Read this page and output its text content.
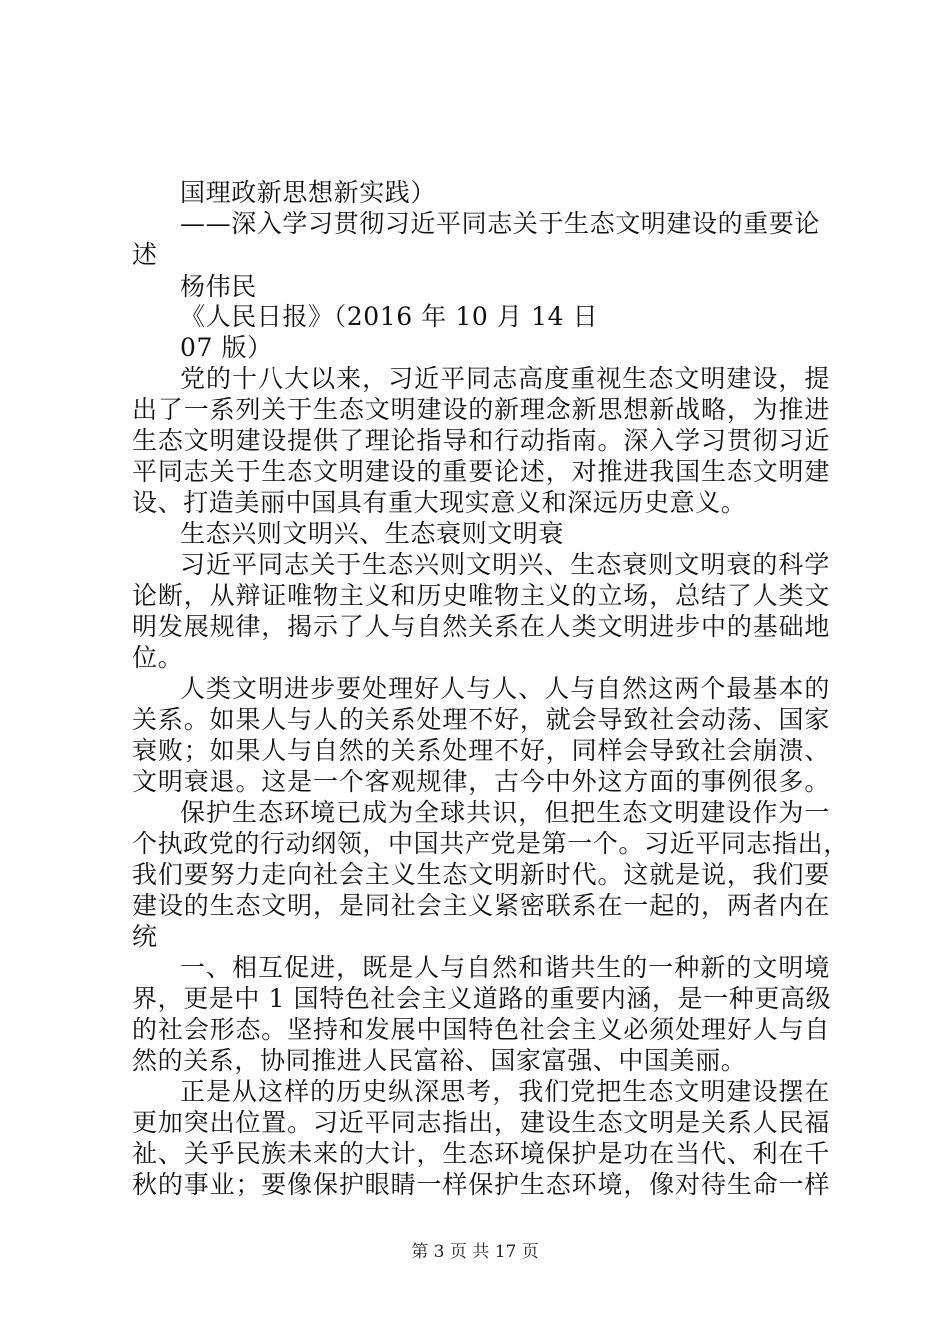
国理政新思想新实践）
——深入学习贯彻习近平同志关于生态文明建设的重要论
述
杨伟民
《人民日报》（2016 年 10 月 14 日
07 版）
党的十八大以来，习近平同志高度重视生态文明建设，提
出了一系列关于生态文明建设的新理念新思想新战略，为推进
生态文明建设提供了理论指导和行动指南。深入学习贯彻习近
平同志关于生态文明建设的重要论述，对推进我国生态文明建
设、打造美丽中国具有重大现实意义和深远历史意义。
生态兴则文明兴、生态衰则文明衰
习近平同志关于生态兴则文明兴、生态衰则文明衰的科学
论断，从辩证唯物主义和历史唯物主义的立场，总结了人类文
明发展规律，揭示了人与自然关系在人类文明进步中的基础地
位。
人类文明进步要处理好人与人、人与自然这两个最基本的
关系。如果人与人的关系处理不好，就会导致社会动荡、国家
衰败；如果人与自然的关系处理不好，同样会导致社会崩溃、
文明衰退。这是一个客观规律，古今中外这方面的事例很多。
保护生态环境已成为全球共识，但把生态文明建设作为一
个执政党的行动纲领，中国共产党是第一个。习近平同志指出，
我们要努力走向社会主义生态文明新时代。这就是说，我们要
建设的生态文明，是同社会主义紧密联系在一起的，两者内在
统
一、相互促进，既是人与自然和谐共生的一种新的文明境
界，更是中 1 国特色社会主义道路的重要内涵，是一种更高级
的社会形态。坚持和发展中国特色社会主义必须处理好人与自
然的关系，协同推进人民富裕、国家富强、中国美丽。
正是从这样的历史纵深思考，我们党把生态文明建设摆在
更加突出位置。习近平同志指出，建设生态文明是关系人民福
祉、关乎民族未来的大计，生态环境保护是功在当代、利在千
秋的事业；要像保护眼睛一样保护生态环境，像对待生命一样
第 3 页 共 17 页
